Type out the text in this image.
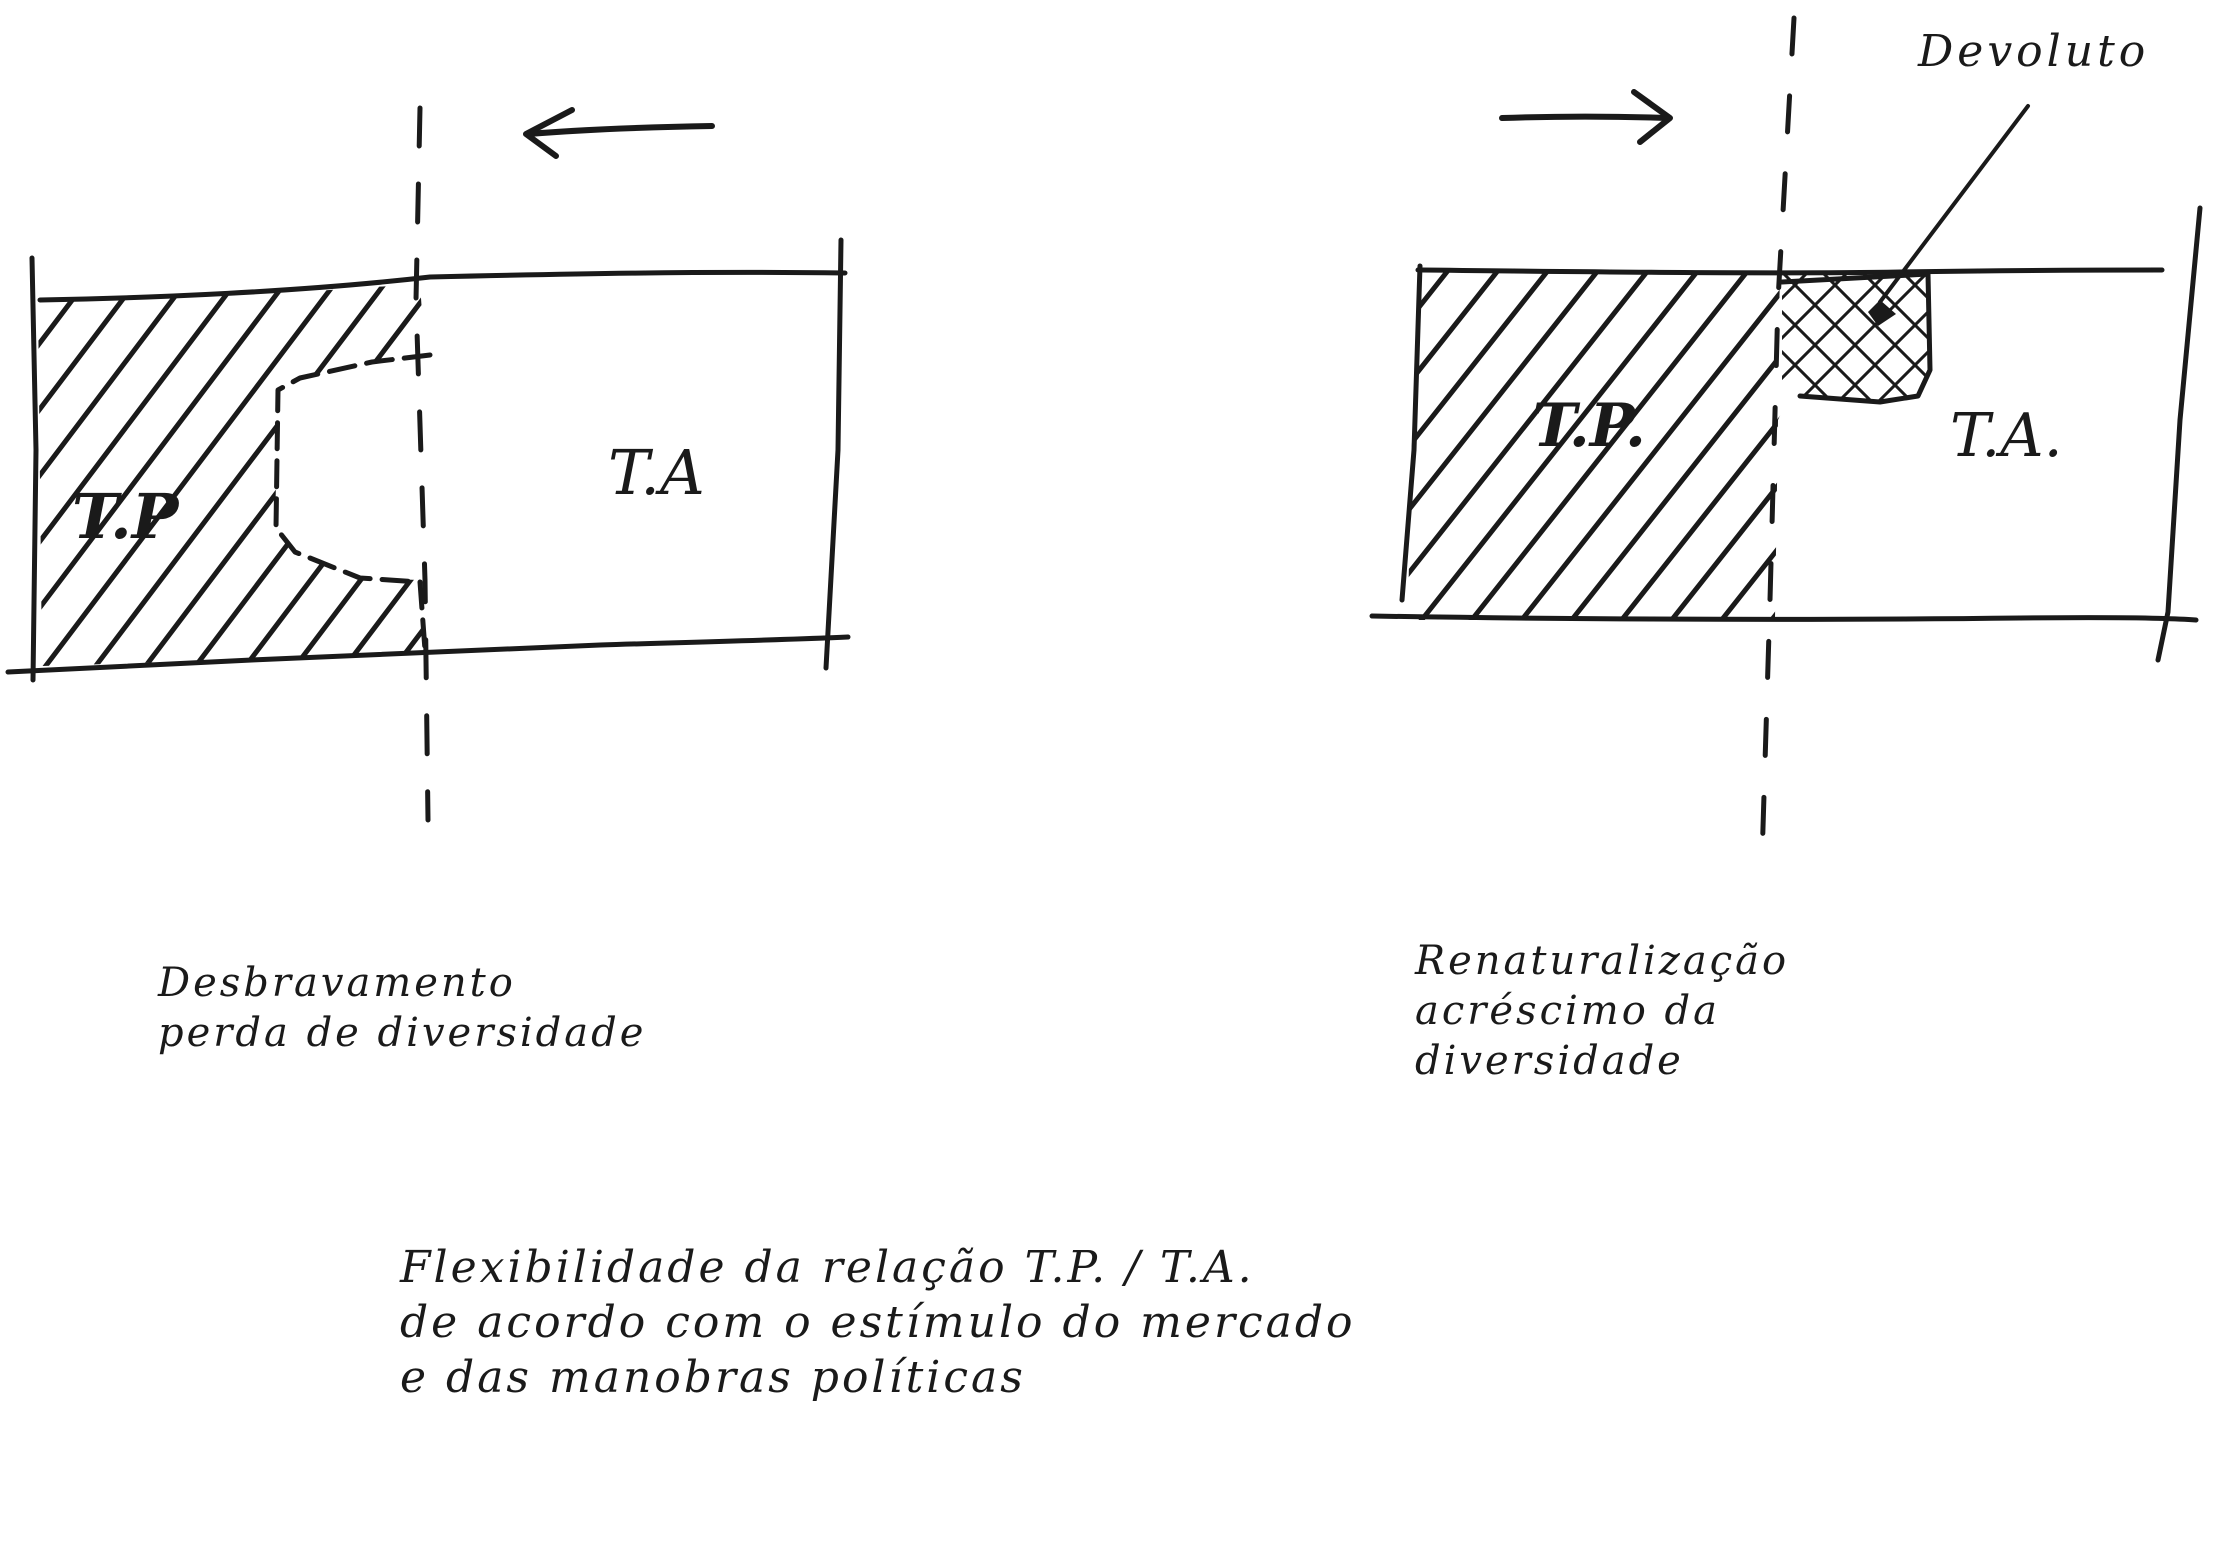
T.P
T.A
Devoluto
T.P.	T.A.
Desbravamento
perda de diversidade
Renaturalização
acréscimo da
diversidade
Flexibilidade da relação T.P. / T.A.
de acordo com o estímulo do mercado
e das manobras políticas
